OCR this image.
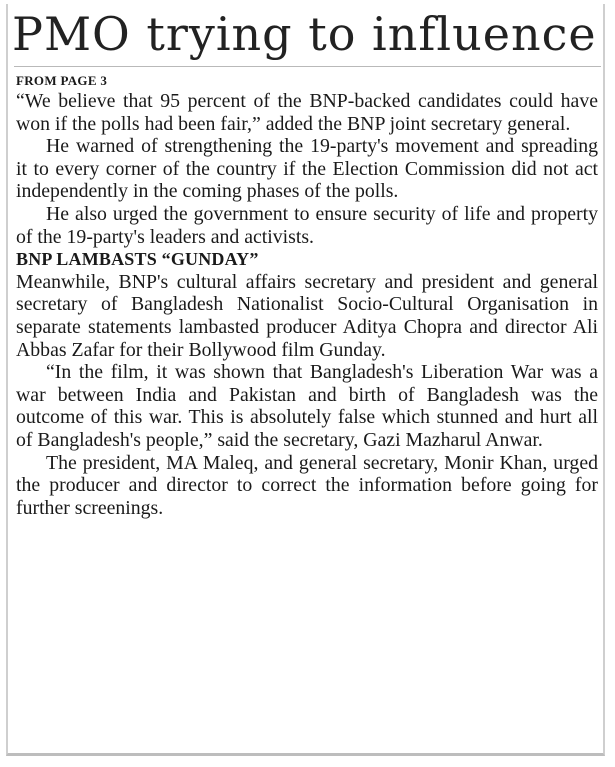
PMO trying to influence
FROM PAGE 3

“We believe that 95 percent of the BNP-backed candidates could have won if the polls had been fair,” added the BNP joint secretary general.

He warned of strengthening the 19-party's movement and spreading it to every corner of the country if the Election Commission did not act independently in the coming phases of the polls.

He also urged the government to ensure security of life and property of the 19-party's leaders and activists.

BNP LAMBASTS “GUNDAY”

Meanwhile, BNP's cultural affairs secretary and president and general secretary of Bangladesh Nationalist Socio-Cultural Organisation in separate statements lambasted producer Aditya Chopra and director Ali Abbas Zafar for their Bollywood film Gunday.

“In the film, it was shown that Bangladesh's Liberation War was a war between India and Pakistan and birth of Bangladesh was the outcome of this war. This is absolutely false which stunned and hurt all of Bangladesh's people,” said the secretary, Gazi Mazharul Anwar.

The president, MA Maleq, and general secretary, Monir Khan, urged the producer and director to correct the information before going for further screenings.
